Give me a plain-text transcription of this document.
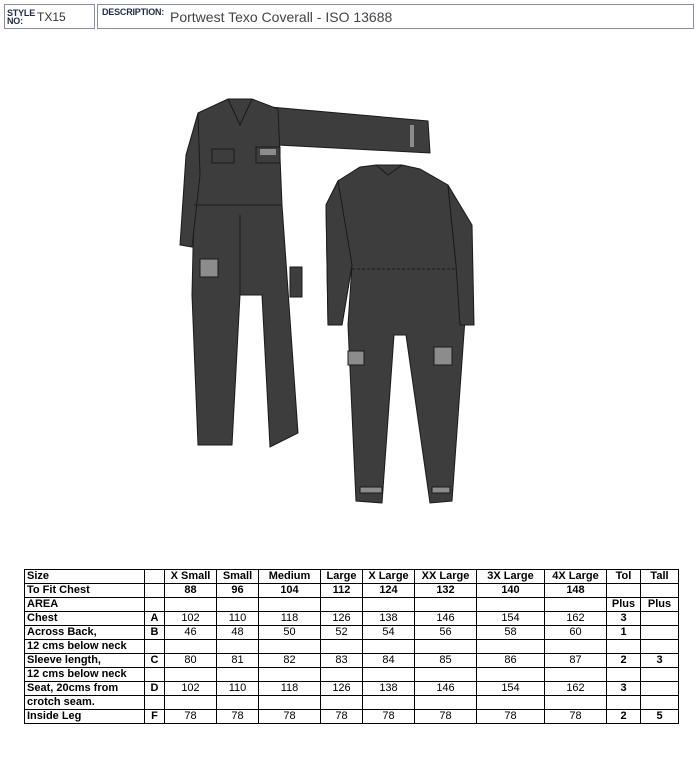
STYLE
NO:	TX15	DESCRIPTION: Portwest Texo Coverall - ISO 13688
Size		X Small	Small	Medium	Large	X Large	XX Large	3X Large	4X Large	Tol	Tall
To Fit Chest		88	96	104	112	124	132	140	148		
AREA										Plus	Plus
Chest	A	102	110	118	126	138	146	154	162	3	
Across Back,	B	46	48	50	52	54	56	58	60	1	
12 cms below neck											
Sleeve length,	C	80	81	82	83	84	85	86	87	2	3
12 cms below neck											
Seat, 20cms from	D	102	110	118	126	138	146	154	162	3	
crotch seam.											
Inside Leg	F	78	78	78	78	78	78	78	78	2	5
